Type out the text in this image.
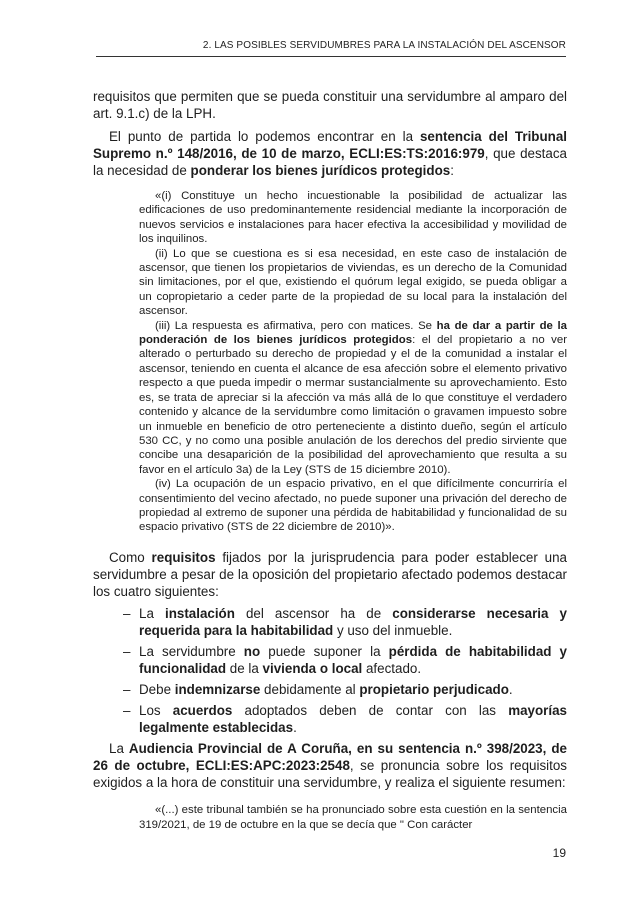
2. LAS POSIBLES SERVIDUMBRES PARA LA INSTALACIÓN DEL ASCENSOR

requisitos que permiten que se pueda constituir una servidumbre al amparo del art. 9.1.c) de la LPH.

El punto de partida lo podemos encontrar en la sentencia del Tribunal Supremo n.º 148/2016, de 10 de marzo, ECLI:ES:TS:2016:979, que destaca la necesidad de ponderar los bienes jurídicos protegidos:

«(i) Constituye un hecho incuestionable la posibilidad de actualizar las edificaciones de uso predominantemente residencial mediante la incorporación de nuevos servicios e instalaciones para hacer efectiva la accesibilidad y movilidad de los inquilinos.

(ii) Lo que se cuestiona es si esa necesidad, en este caso de instalación de ascensor, que tienen los propietarios de viviendas, es un derecho de la Comunidad sin limitaciones, por el que, existiendo el quórum legal exigido, se pueda obligar a un copropietario a ceder parte de la propiedad de su local para la instalación del ascensor.

(iii) La respuesta es afirmativa, pero con matices. Se ha de dar a partir de la ponderación de los bienes jurídicos protegidos: el del propietario a no ver alterado o perturbado su derecho de propiedad y el de la comunidad a instalar el ascensor, teniendo en cuenta el alcance de esa afección sobre el elemento privativo respecto a que pueda impedir o mermar sustancialmente su aprovechamiento. Esto es, se trata de apreciar si la afección va más allá de lo que constituye el verdadero contenido y alcance de la servidumbre como limitación o gravamen impuesto sobre un inmueble en beneficio de otro perteneciente a distinto dueño, según el artículo 530 CC, y no como una posible anulación de los derechos del predio sirviente que concibe una desaparición de la posibilidad del aprovechamiento que resulta a su favor en el artículo 3a) de la Ley (STS de 15 diciembre 2010).

(iv) La ocupación de un espacio privativo, en el que difícilmente concurriría el consentimiento del vecino afectado, no puede suponer una privación del derecho de propiedad al extremo de suponer una pérdida de habitabilidad y funcionalidad de su espacio privativo (STS de 22 diciembre de 2010)».

Como requisitos fijados por la jurisprudencia para poder establecer una servidumbre a pesar de la oposición del propietario afectado podemos destacar los cuatro siguientes:

– La instalación del ascensor ha de considerarse necesaria y requerida para la habitabilidad y uso del inmueble.
– La servidumbre no puede suponer la pérdida de habitabilidad y funcionalidad de la vivienda o local afectado.
– Debe indemnizarse debidamente al propietario perjudicado.
– Los acuerdos adoptados deben de contar con las mayorías legalmente establecidas.

La Audiencia Provincial de A Coruña, en su sentencia n.º 398/2023, de 26 de octubre, ECLI:ES:APC:2023:2548, se pronuncia sobre los requisitos exigidos a la hora de constituir una servidumbre, y realiza el siguiente resumen:

«(...) este tribunal también se ha pronunciado sobre esta cuestión en la sentencia 319/2021, de 19 de octubre en la que se decía que " Con carácter

19
